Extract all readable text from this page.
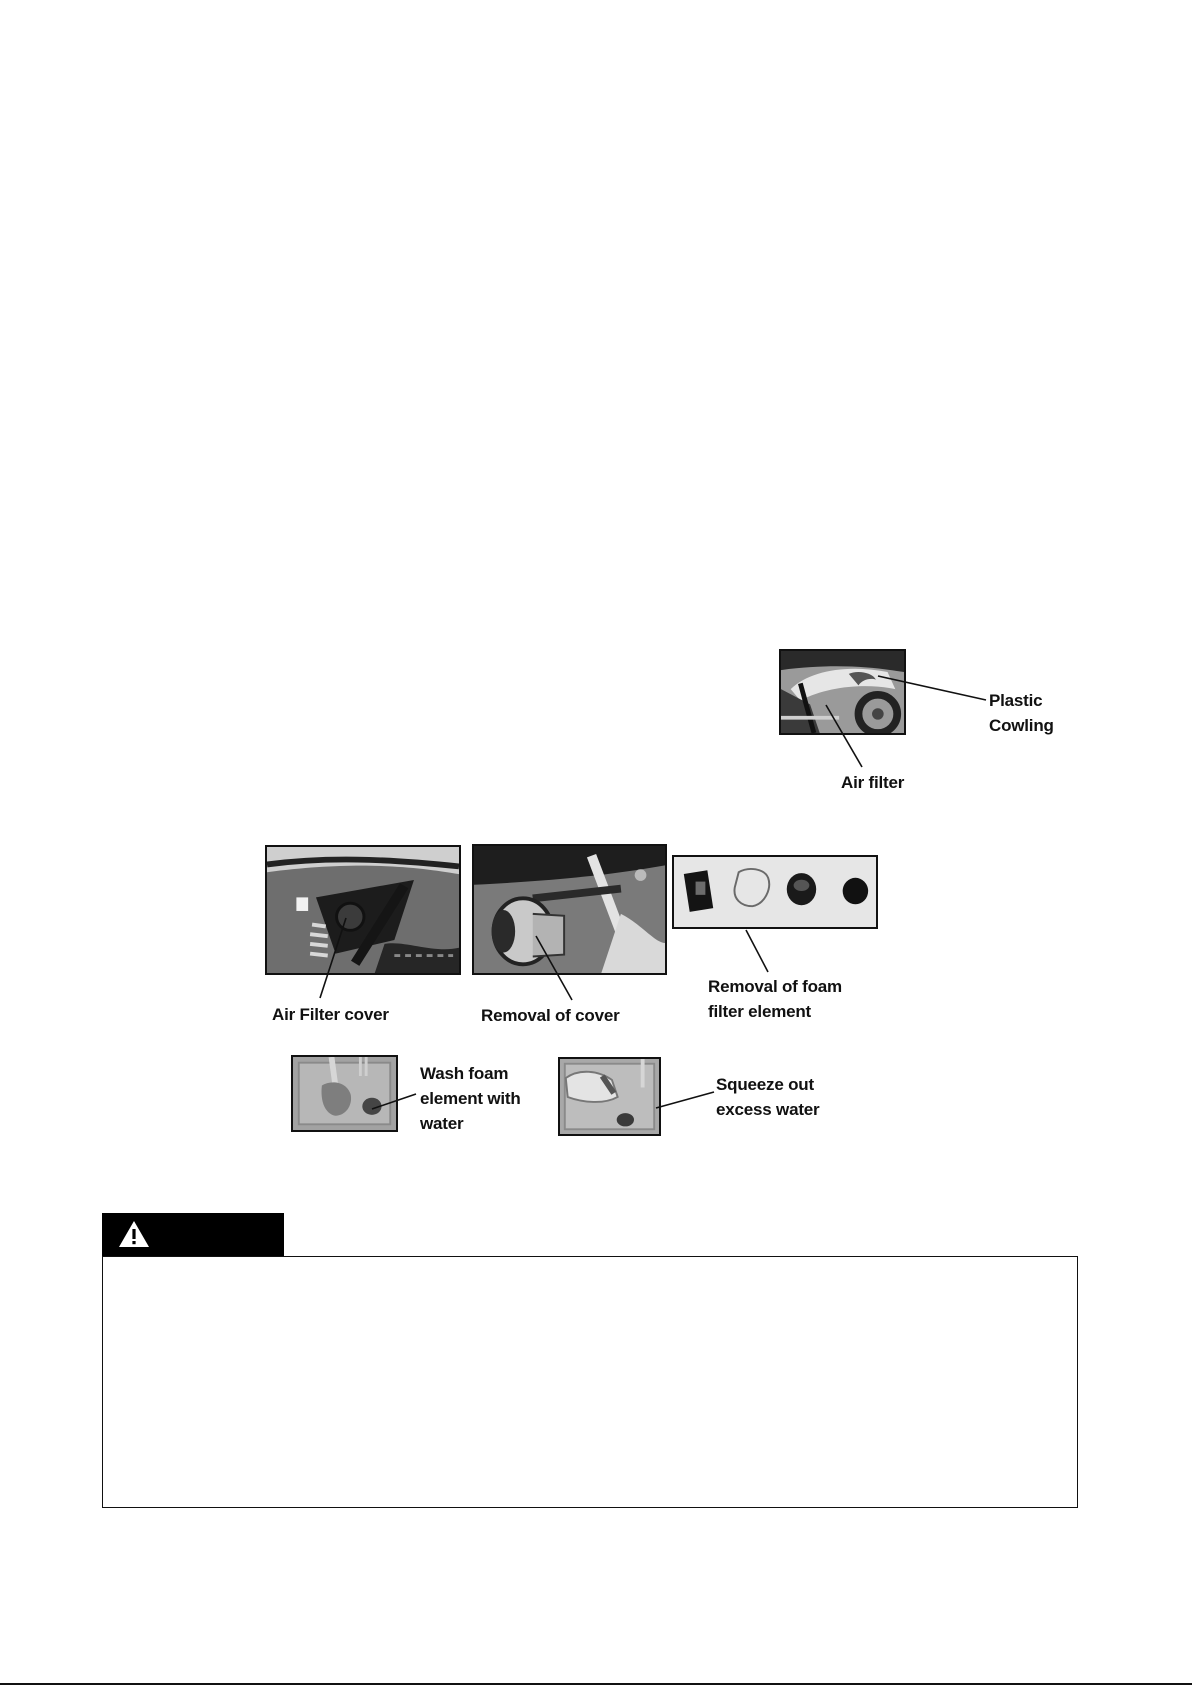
Plastic
Cowling
Air filter
Air Filter cover	Removal of cover
Removal of foam
filter element
Wash foam
element with
water
Squeeze out
excess water
